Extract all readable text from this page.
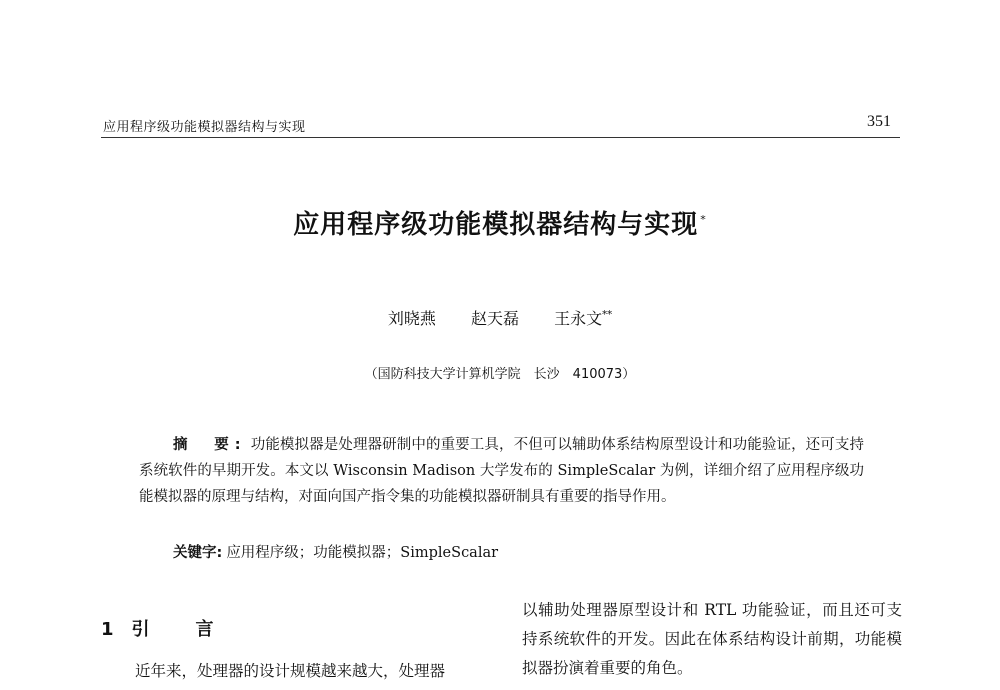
应用程序级功能模拟器结构与实现	351
应用程序级功能模拟器结构与实现 *
刘晓燕 赵天磊 王永文**
（国防科技大学计算机学院　长沙　410073）
摘　要: 功能模拟器是处理器研制中的重要工具，不但可以辅助体系结构原型设计和功能验证，还可支持系统软件的早期开发。本文以 Wisconsin Madison 大学发布的 SimpleScalar 为例，详细介绍了应用程序级功能模拟器的原理与结构，对面向国产指令集的功能模拟器研制具有重要的指导作用。
关键字: 应用程序级；功能模拟器；SimpleScalar
1 引　言
近年来，处理器的设计规模越来越大，处理器
以辅助处理器原型设计和 RTL 功能验证，而且还可支持系统软件的开发。因此在体系结构设计前期，功能模拟器扮演着重要的角色。
